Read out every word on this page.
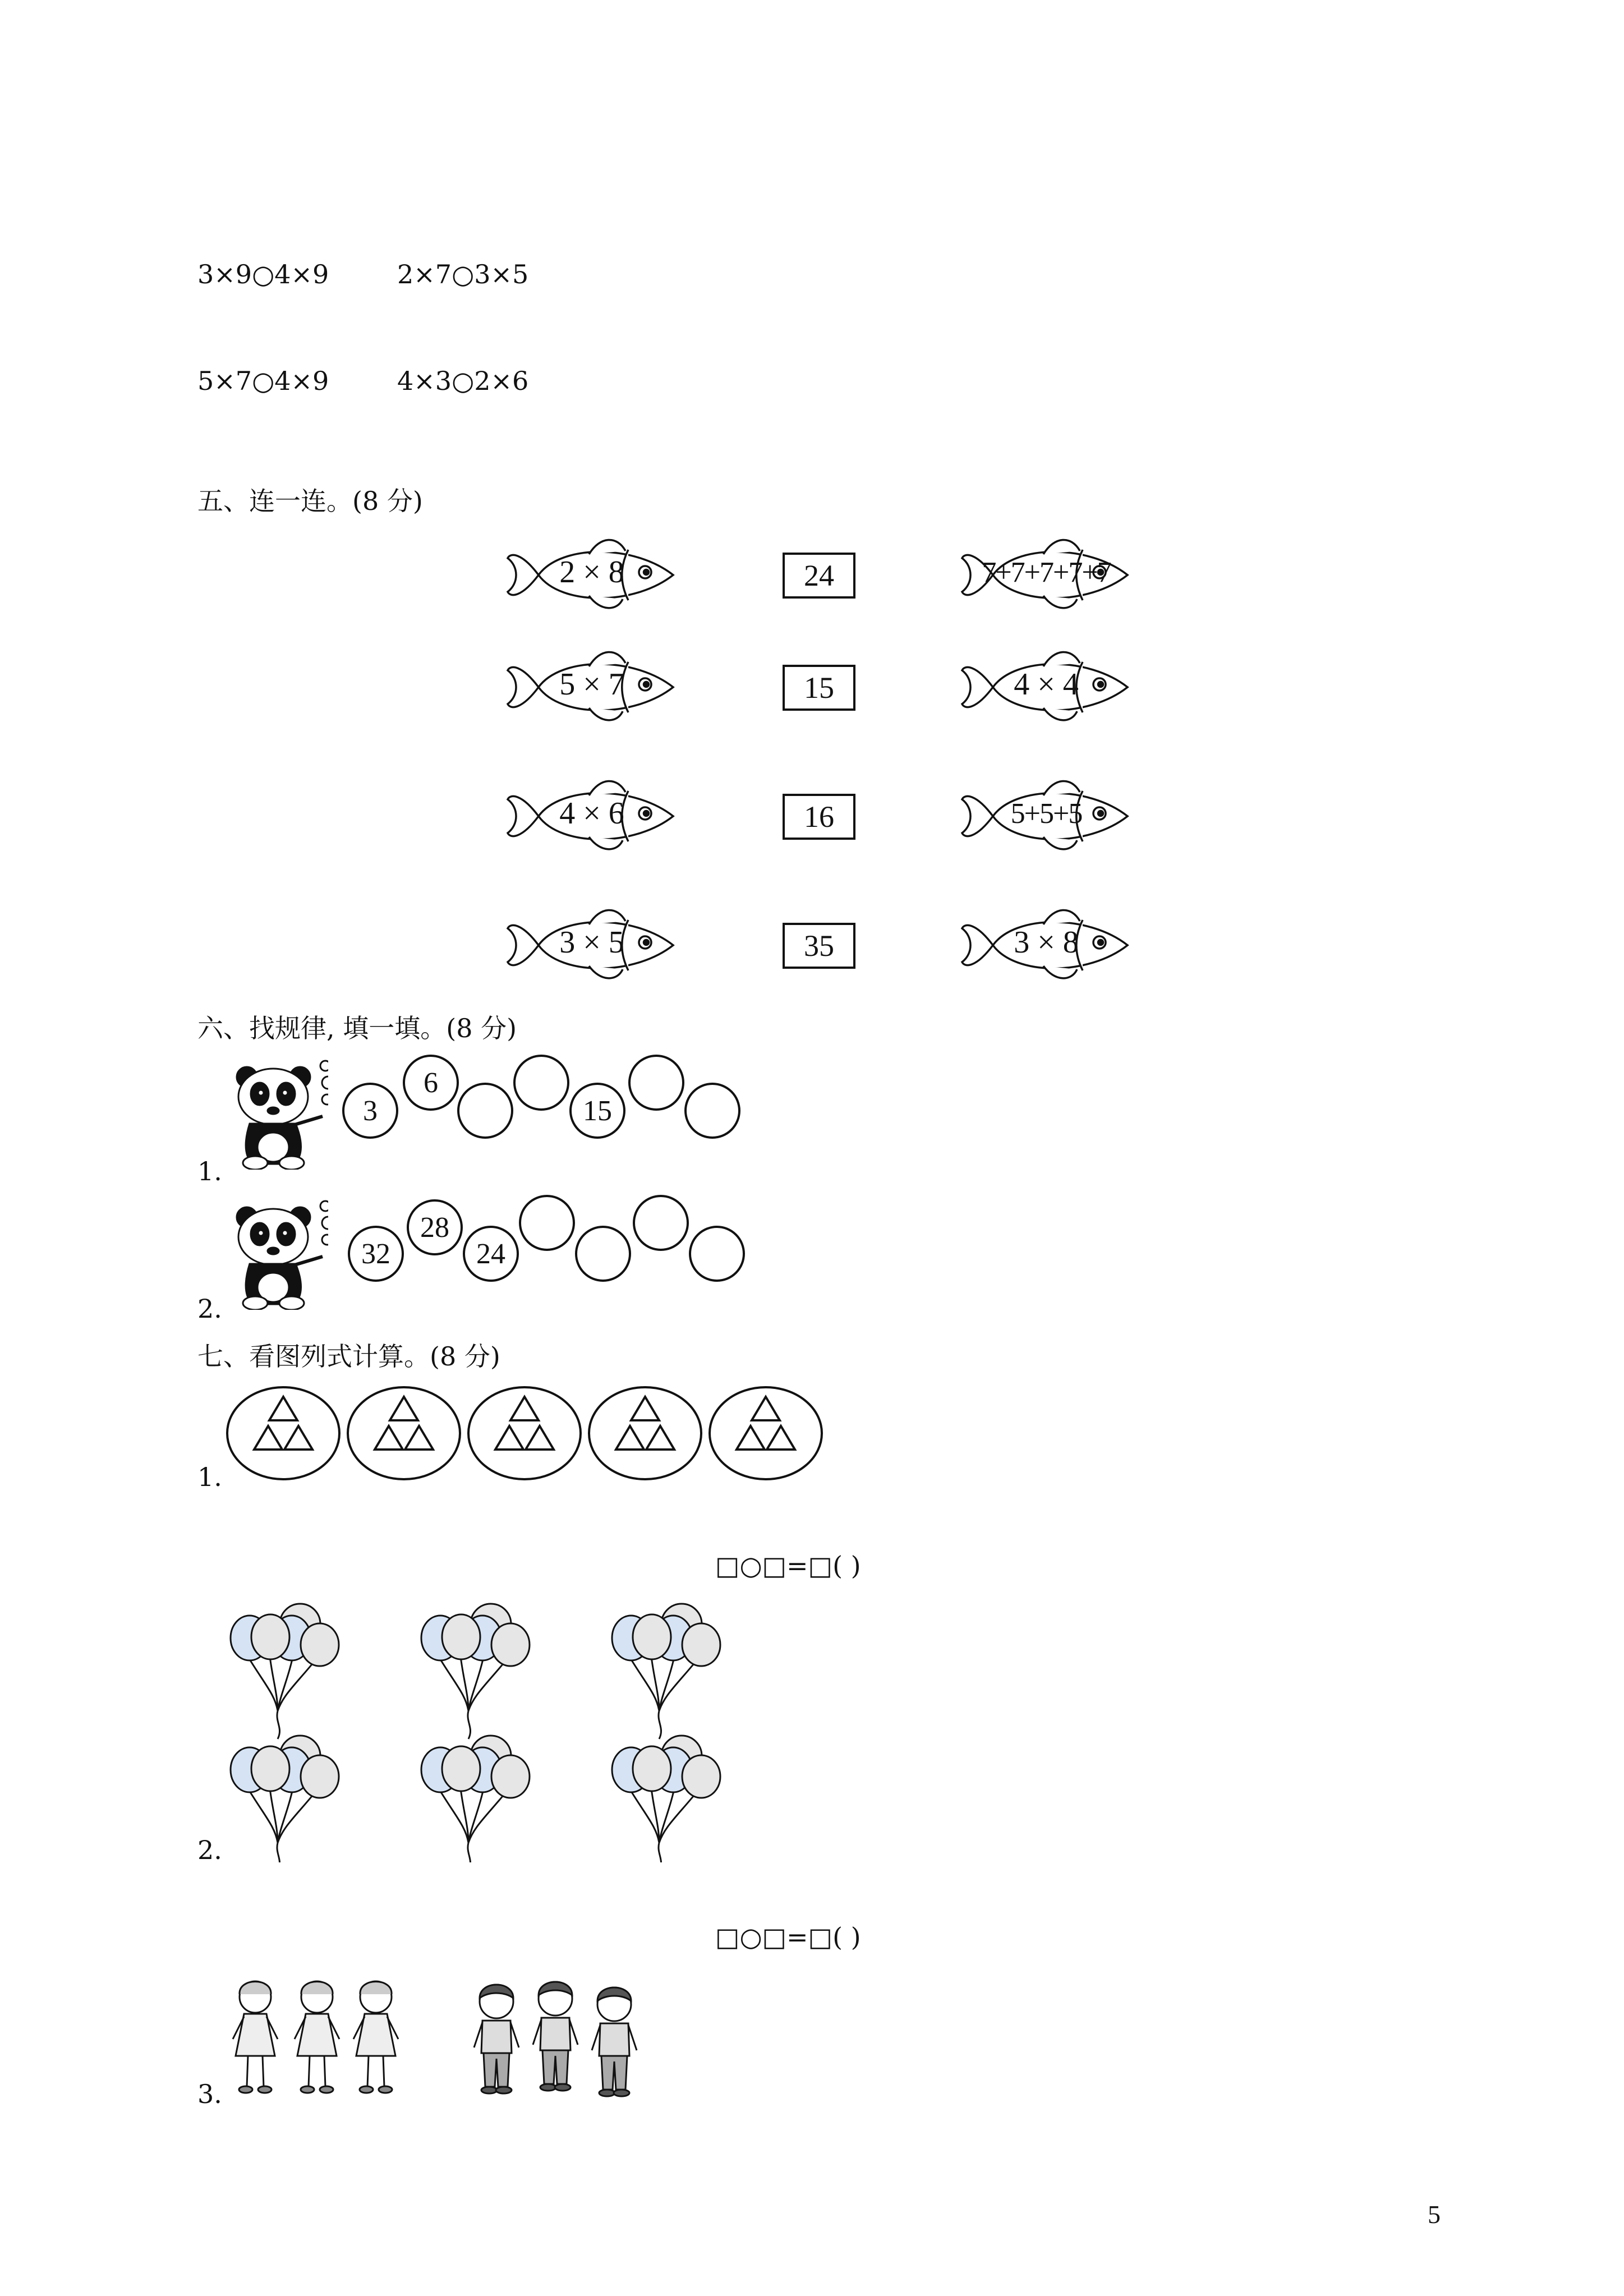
3×9○4×9	2×7○3×5
5×7○4×9	4×3○2×6
五、连一连。(8 分)
2 × 8
5 × 7
4 × 6
3 × 5
24
15
16
35
7+7+7+7+7
4 × 4
5+5+5
3 × 8
六、找规律, 填一填。(8 分)
1.
3
6
15
2.
32
28
24
七、看图列式计算。(8 分)
1.
□○□=□( )
2.
□○□=□( )
3.
5
